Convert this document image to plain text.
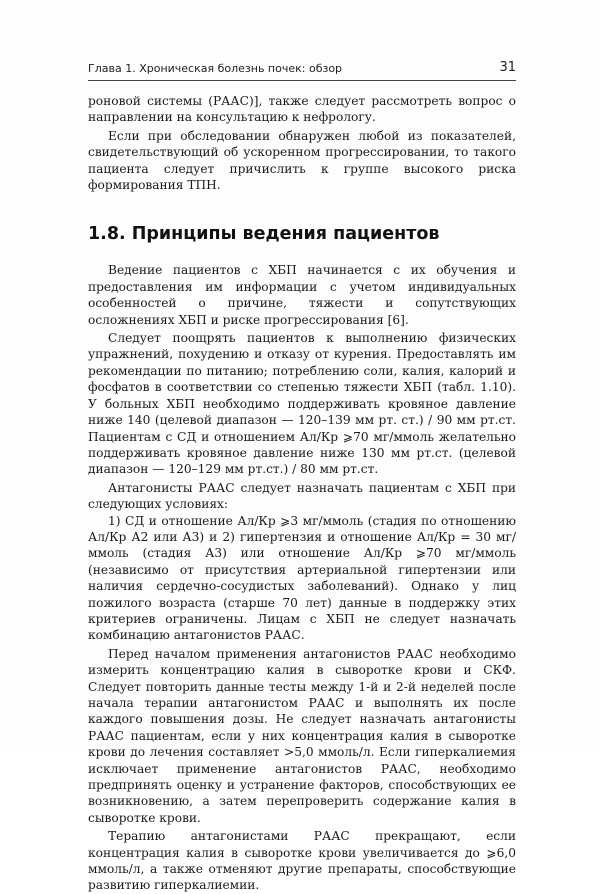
Глава 1. Хроническая болезнь почек: обзор	31

роновой системы (РААС)], также следует рассмотреть вопрос о направлении на консультацию к нефрологу.

Если при обследовании обнаружен любой из показателей, свидетельствующий об ускоренном прогрессировании, то такого пациента следует причислить к группе высокого риска формирования ТПН.

1.8. Принципы ведения пациентов

Ведение пациентов с ХБП начинается с их обучения и предоставления им информации с учетом индивидуальных особенностей о причине, тяжести и сопутствующих осложнениях ХБП и риске прогрессирования [6].

Следует поощрять пациентов к выполнению физических упражнений, похудению и отказу от курения. Предоставлять им рекомендации по питанию; потреблению соли, калия, калорий и фосфатов в соответствии со степенью тяжести ХБП (табл. 1.10). У больных ХБП необходимо поддерживать кровяное давление ниже 140 (целевой диапазон — 120–139 мм рт. ст.) / 90 мм рт.ст. Пациентам с СД и отношением Ал/Кр ⩾70 мг/ммоль желательно поддерживать кровяное давление ниже 130 мм рт.ст. (целевой диапазон — 120–129 мм рт.ст.) / 80 мм рт.ст.

Антагонисты РААС следует назначать пациентам с ХБП при следующих условиях:

1) СД и отношение Ал/Кр ⩾3 мг/ммоль (стадия по отношению Ал/Кр А2 или А3) и 2) гипертензия и отношение Ал/Кр = 30 мг/ммоль (стадия А3) или отношение Ал/Кр ⩾70 мг/ммоль (независимо от присутствия артериальной гипертензии или наличия сердечно-сосудистых заболеваний). Однако у лиц пожилого возраста (старше 70 лет) данные в поддержку этих критериев ограничены. Лицам с ХБП не следует назначать комбинацию антагонистов РААС.

Перед началом применения антагонистов РААС необходимо измерить концентрацию калия в сыворотке крови и СКФ. Следует повторить данные тесты между 1-й и 2-й неделей после начала терапии антагонистом РААС и выполнять их после каждого повышения дозы. Не следует назначать антагонисты РААС пациентам, если у них концентрация калия в сыворотке крови до лечения составляет >5,0 ммоль/л. Если гиперкалиемия исключает применение антагонистов РААС, необходимо предпринять оценку и устранение факторов, способствующих ее возникновению, а затем перепроверить содержание калия в сыворотке крови.

Терапию антагонистами РААС прекращают, если концентрация калия в сыворотке крови увеличивается до ⩾6,0 ммоль/л, а также отменяют другие препараты, способствующие развитию гиперкалиемии.
